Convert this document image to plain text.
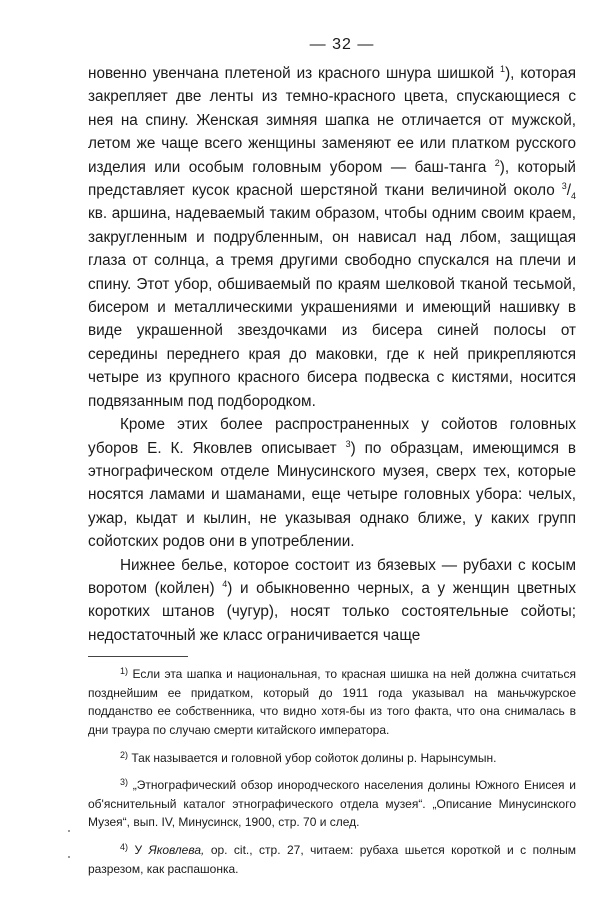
— 32 —

новенно увенчана плетеной из красного шнура шишкой $^1$), которая закрепляет две ленты из темно-красного цвета, спускающиеся с нея на спину. Женская зимняя шапка не отличается от мужской, летом же чаще всего женщины заменяют ее или платком русского изделия или особым головным убором — баш-танга $^2$), который представляет кусок красной шерстяной ткани величиной около $^3/_4$ кв. аршина, надеваемый таким образом, чтобы одним своим краем, закругленным и подрубленным, он нависал над лбом, защищая глаза от солнца, а тремя другими свободно спускался на плечи и спину. Этот убор, обшиваемый по краям шелковой тканой тесьмой, бисером и металлическими украшениями и имеющий нашивку в виде украшенной звездочками из бисера синей полосы от середины переднего края до маковки, где к ней прикрепляются четыре из крупного красного бисера подвеска с кистями, носится подвязанным под подбородком.

Кроме этих более распространенных у сойотов головных уборов Е. К. Яковлев описывает $^3$) по образцам, имеющимся в этнографическом отделе Минусинского музея, сверх тех, которые носятся ламами и шаманами, еще четыре головных убора: челых, ужар, кыдат и кылин, не указывая однако ближе, у каких групп сойотских родов они в употреблении.

Нижнее белье, которое состоит из бязевых — рубахи с косым воротом (койлен) $^4$) и обыкновенно черных, а у женщин цветных коротких штанов (чугур), носят только состоятельные сойоты; недостаточный же класс ограничивается чаще

$^{1)}$ Если эта шапка и национальная, то красная шишка на ней должна считаться позднейшим ее придатком, который до 1911 года указывал на маньчжурское подданство ее собственника, что видно хотя-бы из того факта, что она снималась в дни траура по случаю смерти китайского императора.

$^{2)}$ Так называется и головной убор сойоток долины р. Нарынсумын.

$^{3)}$ „Этнографический обзор инородческого населения долины Южного Енисея и об'яснительный каталог этнографического отдела музея“. „Описание Минусинского Музея“, вып. IV, Минусинск, 1900, стр. 70 и след.

$^{4)}$ У Яковлева, op. cit., стр. 27, читаем: рубаха шьется короткой и с полным разрезом, как распашонка.
